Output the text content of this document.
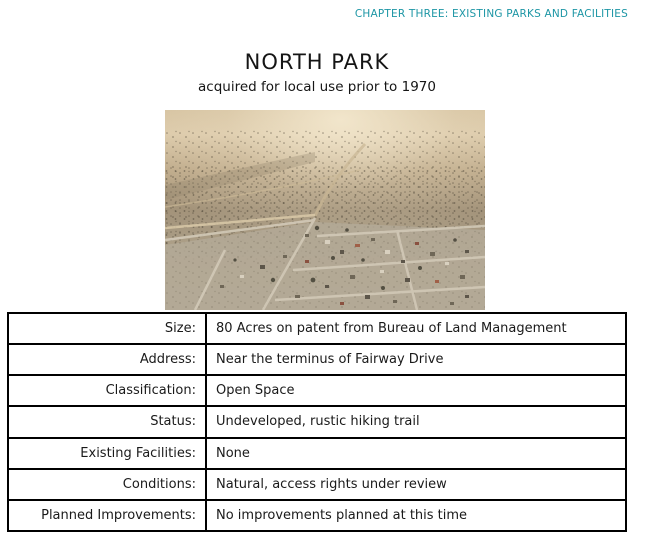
CHAPTER THREE: EXISTING PARKS AND FACILITIES
NORTH PARK
acquired for local use prior to 1970
Size:	80 Acres on patent from Bureau of Land Management
Address:	Near the terminus of Fairway Drive
Classification:	Open Space
Status:	Undeveloped, rustic hiking trail
Existing Facilities:	None
Conditions:	Natural, access rights under review
Planned Improvements:	No improvements planned at this time
